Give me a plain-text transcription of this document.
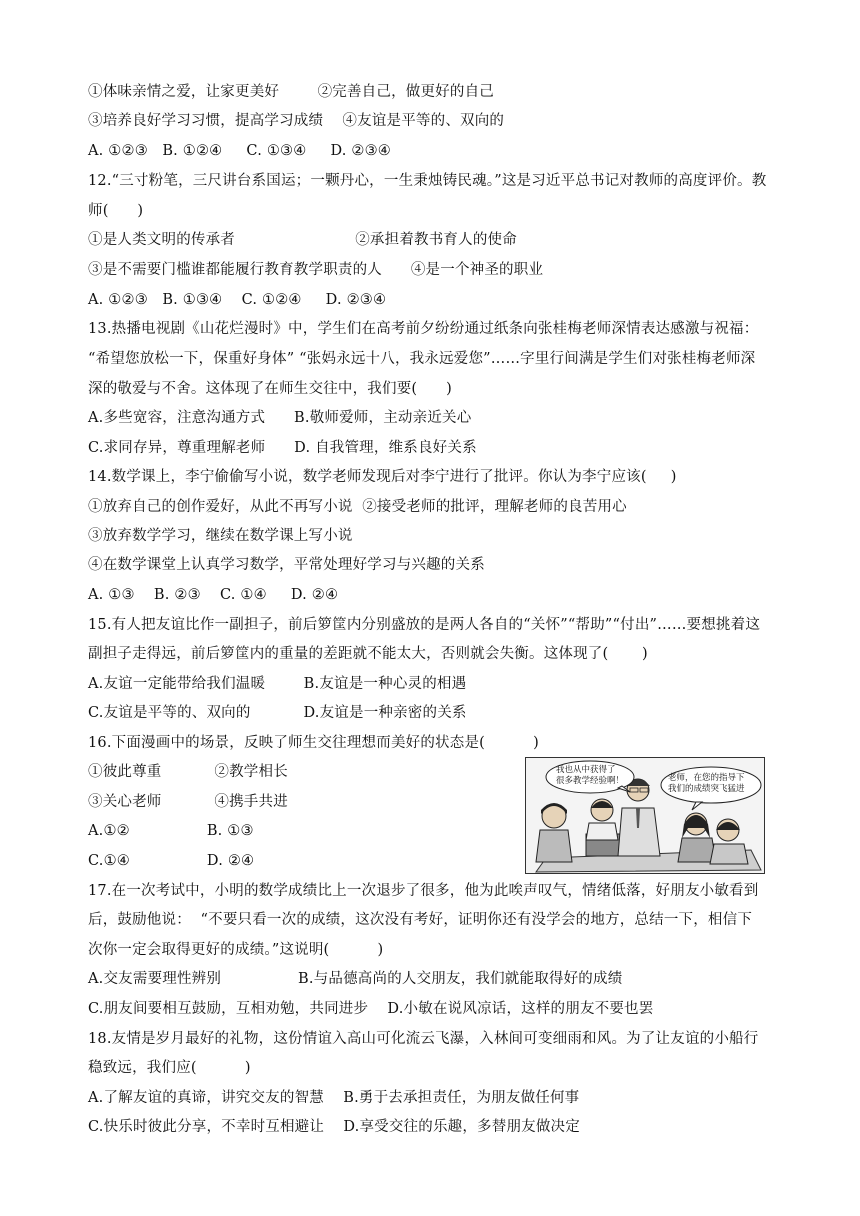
①体味亲情之爱，让家更美好        ②完善自己，做更好的自己
③培养良好学习习惯，提高学习成绩    ④友谊是平等的、双向的
A. ①②③   B. ①②④     C. ①③④     D. ②③④
12.“三寸粉笔，三尺讲台系国运；一颗丹心，一生秉烛铸民魂。”这是习近平总书记对教师的高度评价。教
师(      )
①是人类文明的传承者                         ②承担着教书育人的使命
③是不需要门槛谁都能履行教育教学职责的人      ④是一个神圣的职业
A. ①②③   B. ①③④    C. ①②④     D. ②③④
13.热播电视剧《山花烂漫时》中，学生们在高考前夕纷纷通过纸条向张桂梅老师深情表达感激与祝福：
“希望您放松一下，保重好身体” “张妈永远十八，我永远爱您”……字里行间满是学生们对张桂梅老师深
深的敬爱与不舍。这体现了在师生交往中，我们要(      )
A.多些宽容，注意沟通方式      B.敬师爱师，主动亲近关心
C.求同存异，尊重理解老师      D. 自我管理，维系良好关系
14.数学课上，李宁偷偷写小说，数学老师发现后对李宁进行了批评。你认为李宁应该(     )
①放弃自己的创作爱好，从此不再写小说  ②接受老师的批评，理解老师的良苦用心
③放弃数学学习，继续在数学课上写小说
④在数学课堂上认真学习数学，平常处理好学习与兴趣的关系
A. ①③    B. ②③    C. ①④     D. ②④
15.有人把友谊比作一副担子，前后箩筐内分别盛放的是两人各自的“关怀”“帮助”“付出”……要想挑着这
副担子走得远，前后箩筐内的重量的差距就不能太大，否则就会失衡。这体现了(       )
A.友谊一定能带给我们温暖        B.友谊是一种心灵的相遇
C.友谊是平等的、双向的           D.友谊是一种亲密的关系
16.下面漫画中的场景，反映了师生交往理想而美好的状态是(          )
①彼此尊重           ②教学相长
③关心老师           ④携手共进
A.①②                B. ①③
C.①④                D. ②④
17.在一次考试中，小明的数学成绩比上一次退步了很多，他为此唉声叹气，情绪低落，好朋友小敏看到
后，鼓励他说：  “不要只看一次的成绩，这次没有考好，证明你还有没学会的地方，总结一下，相信下
次你一定会取得更好的成绩。”这说明(          )
A.交友需要理性辨别                B.与品德高尚的人交朋友，我们就能取得好的成绩
C.朋友间要相互鼓励，互相劝勉，共同进步    D.小敏在说风凉话，这样的朋友不要也罢
18.友情是岁月最好的礼物，这份情谊入高山可化流云飞瀑，入林间可变细雨和风。为了让友谊的小船行
稳致远，我们应(          )
A.了解友谊的真谛，讲究交友的智慧    B.勇于去承担责任，为朋友做任何事
C.快乐时彼此分享，不幸时互相避让    D.享受交往的乐趣，多替朋友做决定
我也从中获得了
很多教学经验啊！	老师，在您的指导下
我们的成绩突飞猛进
